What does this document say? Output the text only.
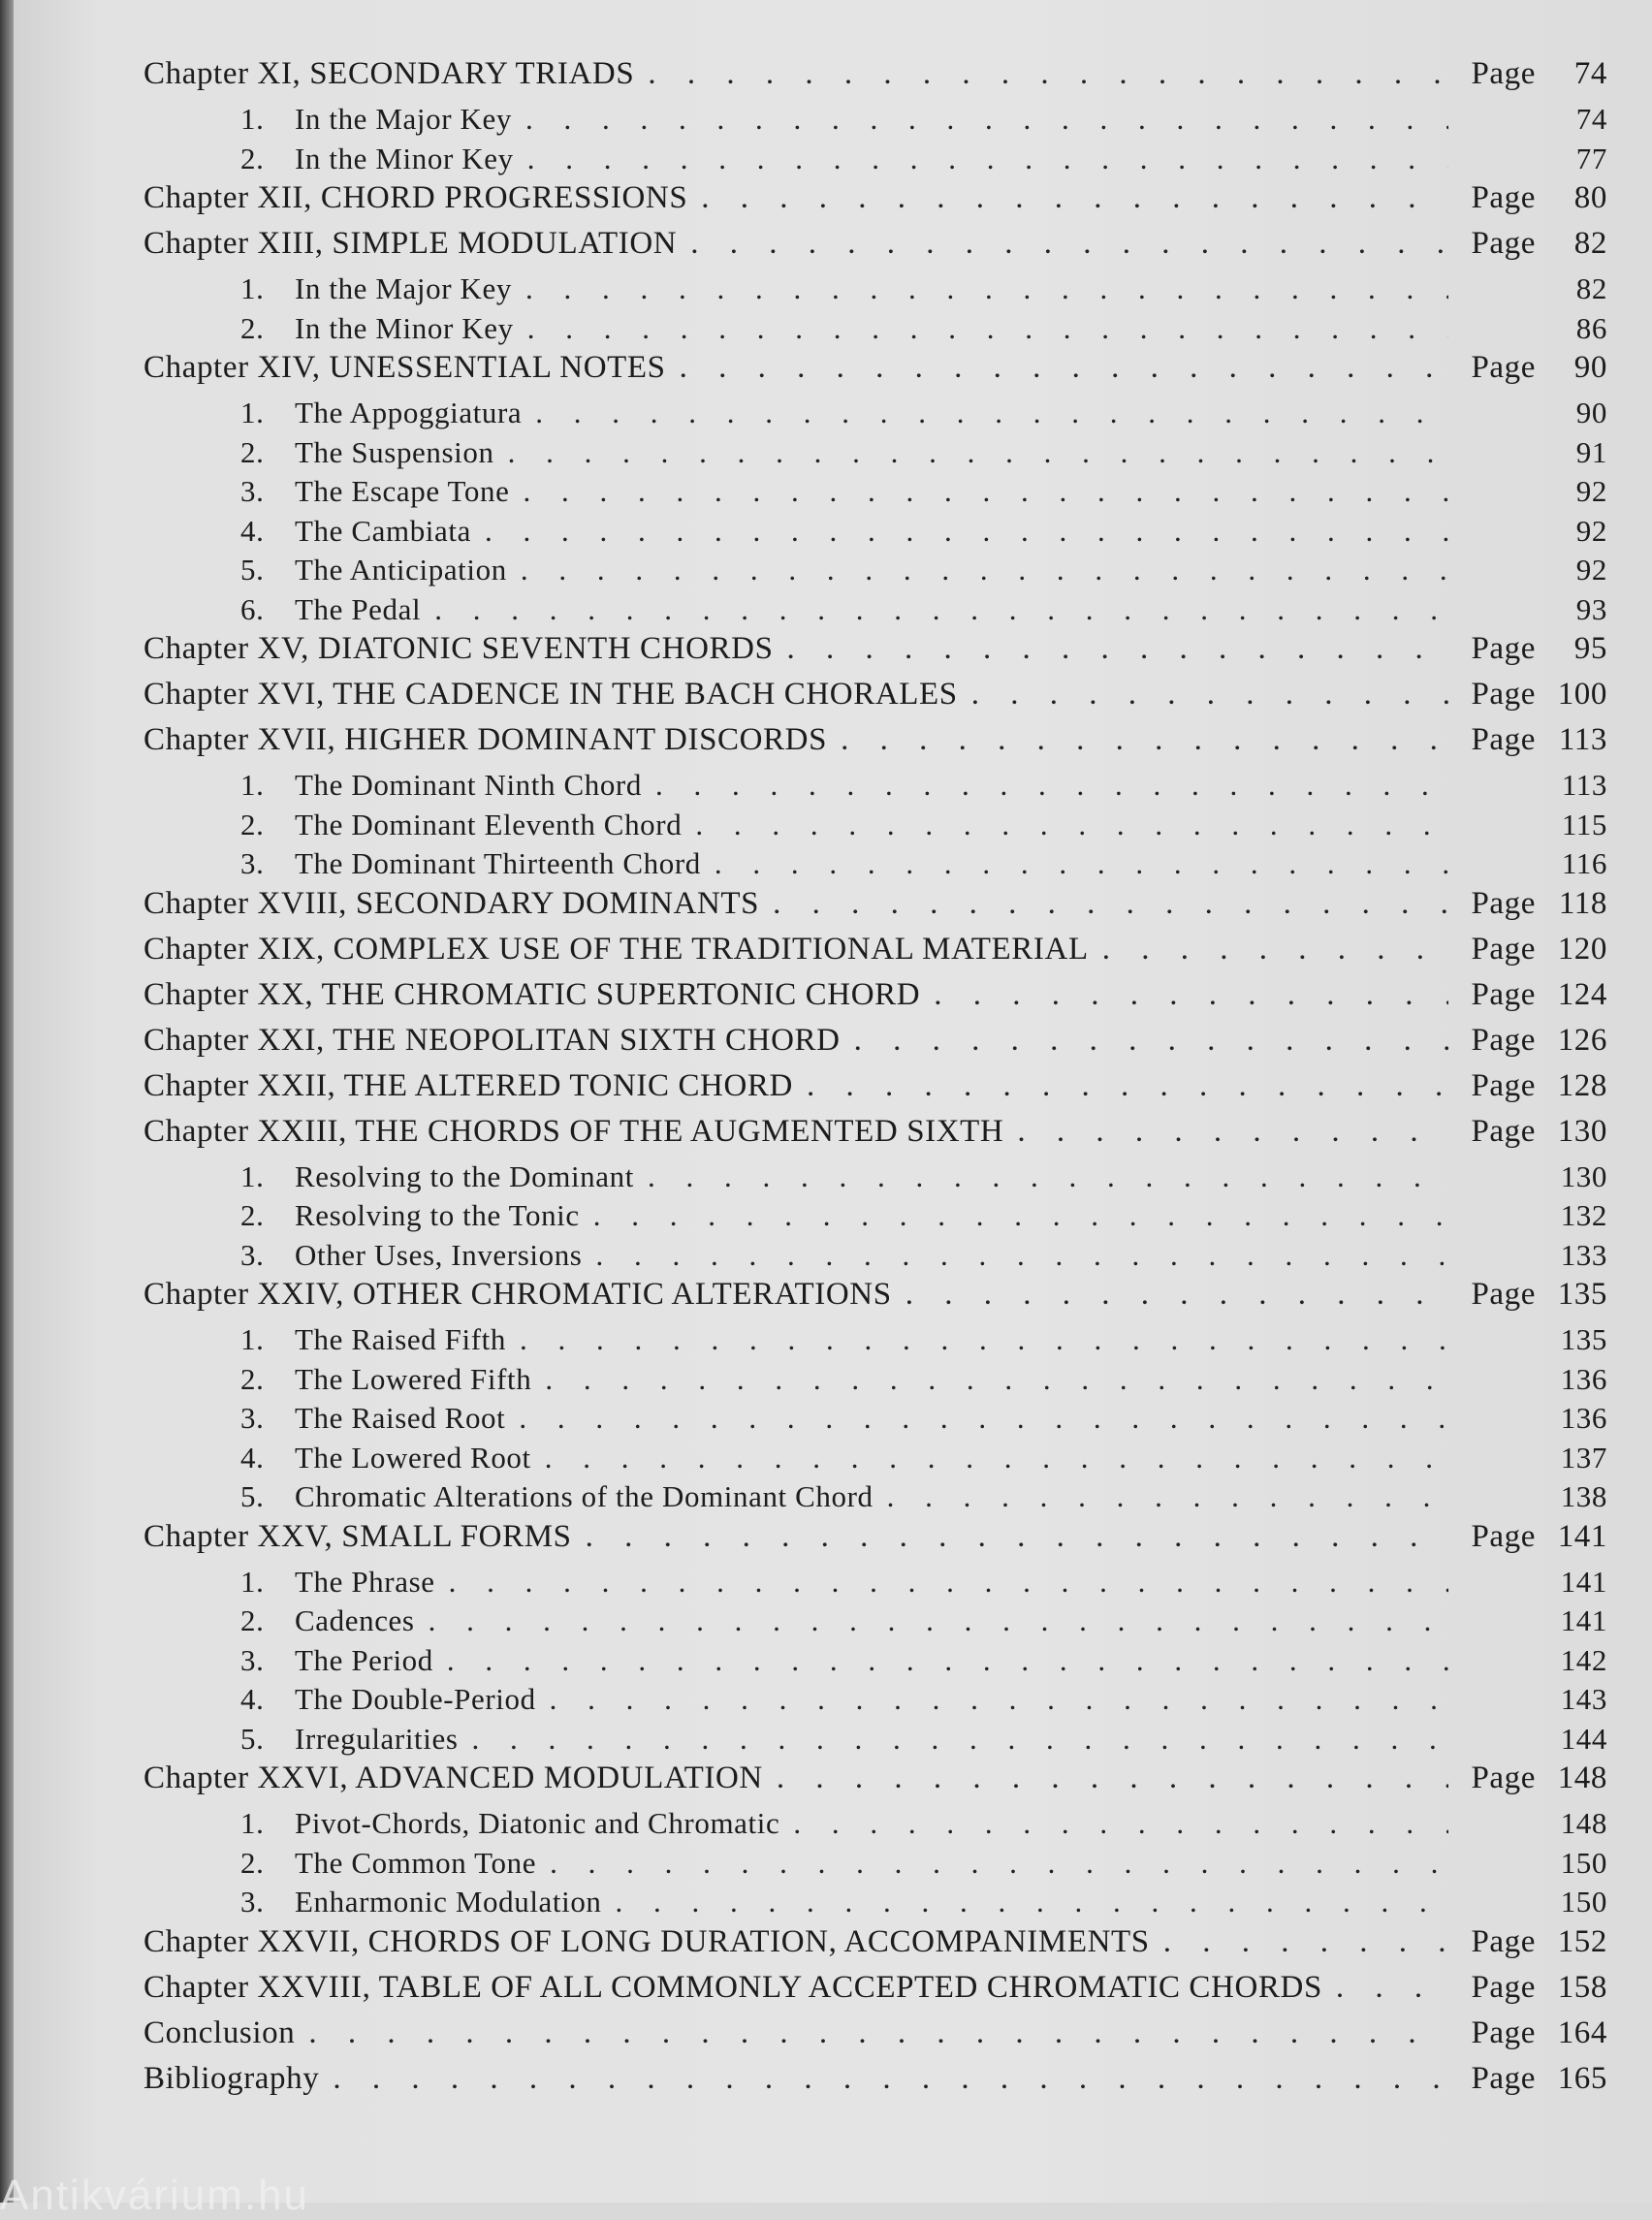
Chapter XI, SECONDARY TRIADS . . .	Page	74
1.	In the Major Key . . .	74
2.	In the Minor Key . . .	77
Chapter XII, CHORD PROGRESSIONS . . .	Page	80
Chapter XIII, SIMPLE MODULATION . . .	Page	82
1.	In the Major Key . . .	82
2.	In the Minor Key . . .	86
Chapter XIV, UNESSENTIAL NOTES . . .	Page	90
1.	The Appoggiatura . . .	90
2.	The Suspension . . .	91
3.	The Escape Tone . . .	92
4.	The Cambiata . . .	92
5.	The Anticipation . . .	92
6.	The Pedal . . .	93
Chapter XV, DIATONIC SEVENTH CHORDS . . .	Page	95
Chapter XVI, THE CADENCE IN THE BACH CHORALES . . .	Page 100
Chapter XVII, HIGHER DOMINANT DISCORDS . . .	Page 113
1.	The Dominant Ninth Chord . . .	113
2.	The Dominant Eleventh Chord . . .	115
3.	The Dominant Thirteenth Chord . . .	116
Chapter XVIII, SECONDARY DOMINANTS . . .	Page 118
Chapter XIX, COMPLEX USE OF THE TRADITIONAL MATERIAL . . .	Page 120
Chapter XX, THE CHROMATIC SUPERTONIC CHORD . . .	Page 124
Chapter XXI, THE NEOPOLITAN SIXTH CHORD . . .	Page 126
Chapter XXII, THE ALTERED TONIC CHORD . . .	Page 128
Chapter XXIII, THE CHORDS OF THE AUGMENTED SIXTH . . .	Page 130
1.	Resolving to the Dominant . . .	130
2.	Resolving to the Tonic . . .	132
3.	Other Uses, Inversions . . .	133
Chapter XXIV, OTHER CHROMATIC ALTERATIONS . . .	Page 135
1.	The Raised Fifth . . .	135
2.	The Lowered Fifth . . .	136
3.	The Raised Root . . .	136
4.	The Lowered Root . . .	137
5.	Chromatic Alterations of the Dominant Chord . . .	138
Chapter XXV, SMALL FORMS . . .	Page 141
1.	The Phrase . . .	141
2.	Cadences . . .	141
3.	The Period . . .	142
4.	The Double-Period . . .	143
5.	Irregularities . . .	144
Chapter XXVI, ADVANCED MODULATION . . .	Page 148
1.	Pivot-Chords, Diatonic and Chromatic . . .	148
2.	The Common Tone . . .	150
3.	Enharmonic Modulation . . .	150
Chapter XXVII, CHORDS OF LONG DURATION, ACCOMPANIMENTS . . .	Page 152
Chapter XXVIII, TABLE OF ALL COMMONLY ACCEPTED CHROMATIC CHORDS . . .	Page 158
Conclusion . . .	Page 164
Bibliography . . .	Page 165
Antikvárium.hu
